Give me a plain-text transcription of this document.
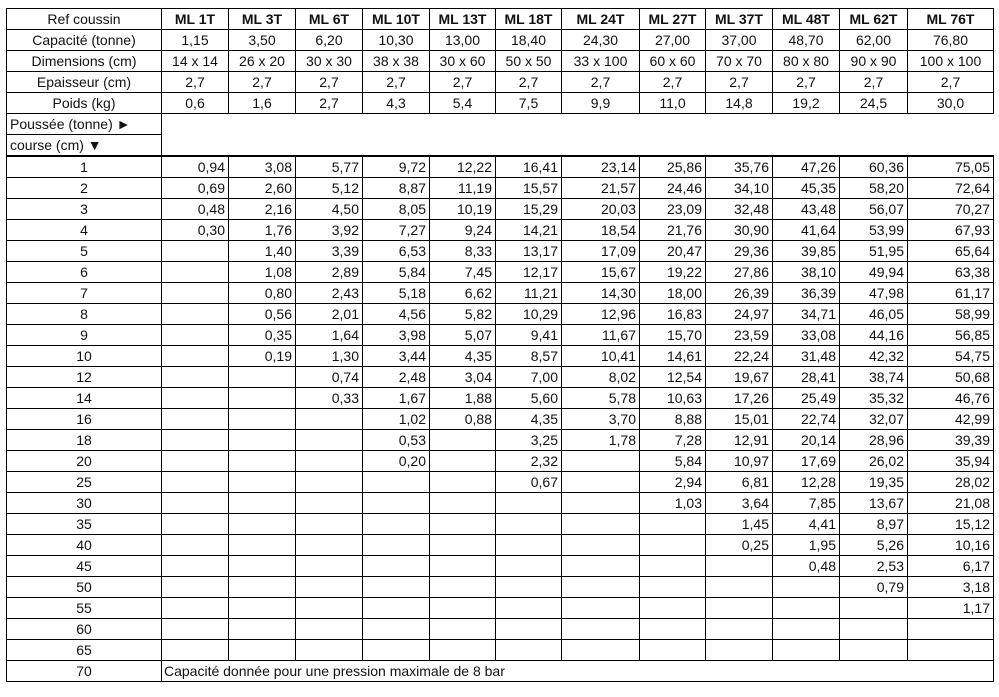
Ref coussin	ML 1T	ML 3T	ML 6T	ML 10T	ML 13T	ML 18T	ML 24T	ML 27T	ML 37T	ML 48T	ML 62T	ML 76T
Capacité (tonne)	1,15	3,50	6,20	10,30	13,00	18,40	24,30	27,00	37,00	48,70	62,00	76,80
Dimensions (cm)	14 x 14	26 x 20	30 x 30	38 x 38	30 x 60	50 x 50	33 x 100	60 x 60	70 x 70	80 x 80	90 x 90	100 x 100
Epaisseur (cm)	2,7	2,7	2,7	2,7	2,7	2,7	2,7	2,7	2,7	2,7	2,7	2,7
Poids (kg)	0,6	1,6	2,7	4,3	5,4	7,5	9,9	11,0	14,8	19,2	24,5	30,0
Poussée (tonne) ►												
course (cm) ▼												
1	0,94	3,08	5,77	9,72	12,22	16,41	23,14	25,86	35,76	47,26	60,36	75,05
2	0,69	2,60	5,12	8,87	11,19	15,57	21,57	24,46	34,10	45,35	58,20	72,64
3	0,48	2,16	4,50	8,05	10,19	15,29	20,03	23,09	32,48	43,48	56,07	70,27
4	0,30	1,76	3,92	7,27	9,24	14,21	18,54	21,76	30,90	41,64	53,99	67,93
5		1,40	3,39	6,53	8,33	13,17	17,09	20,47	29,36	39,85	51,95	65,64
6		1,08	2,89	5,84	7,45	12,17	15,67	19,22	27,86	38,10	49,94	63,38
7		0,80	2,43	5,18	6,62	11,21	14,30	18,00	26,39	36,39	47,98	61,17
8		0,56	2,01	4,56	5,82	10,29	12,96	16,83	24,97	34,71	46,05	58,99
9		0,35	1,64	3,98	5,07	9,41	11,67	15,70	23,59	33,08	44,16	56,85
10		0,19	1,30	3,44	4,35	8,57	10,41	14,61	22,24	31,48	42,32	54,75
12			0,74	2,48	3,04	7,00	8,02	12,54	19,67	28,41	38,74	50,68
14			0,33	1,67	1,88	5,60	5,78	10,63	17,26	25,49	35,32	46,76
16				1,02	0,88	4,35	3,70	8,88	15,01	22,74	32,07	42,99
18				0,53		3,25	1,78	7,28	12,91	20,14	28,96	39,39
20				0,20		2,32		5,84	10,97	17,69	26,02	35,94
25						0,67		2,94	6,81	12,28	19,35	28,02
30								1,03	3,64	7,85	13,67	21,08
35									1,45	4,41	8,97	15,12
40									0,25	1,95	5,26	10,16
45										0,48	2,53	6,17
50											0,79	3,18
55												1,17
60												
65												
70	Capacité donnée pour une pression maximale de 8 bar											
